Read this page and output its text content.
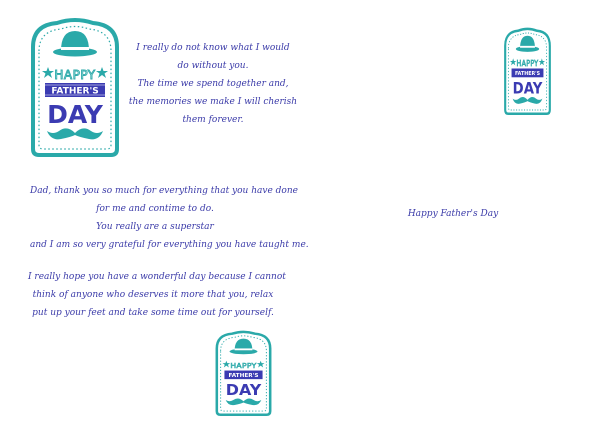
HAPPY
FATHER'S
DAY
HAPPY
FATHER'S
DAY
HAPPY
FATHER'S
DAY
I really do not know what I would
do without you.
The time we spend together and,
the memories we make I will cherish
them forever.
Dad, thank you so much for everything that you have done
for me and contime to do.
You really are a superstar
and I am so very grateful for everything you have taught me.
I really hope you have a wonderful day because I cannot
think of anyone who deserves it more that you, relax
put up your feet and take some time out for yourself.
Happy Father's Day
